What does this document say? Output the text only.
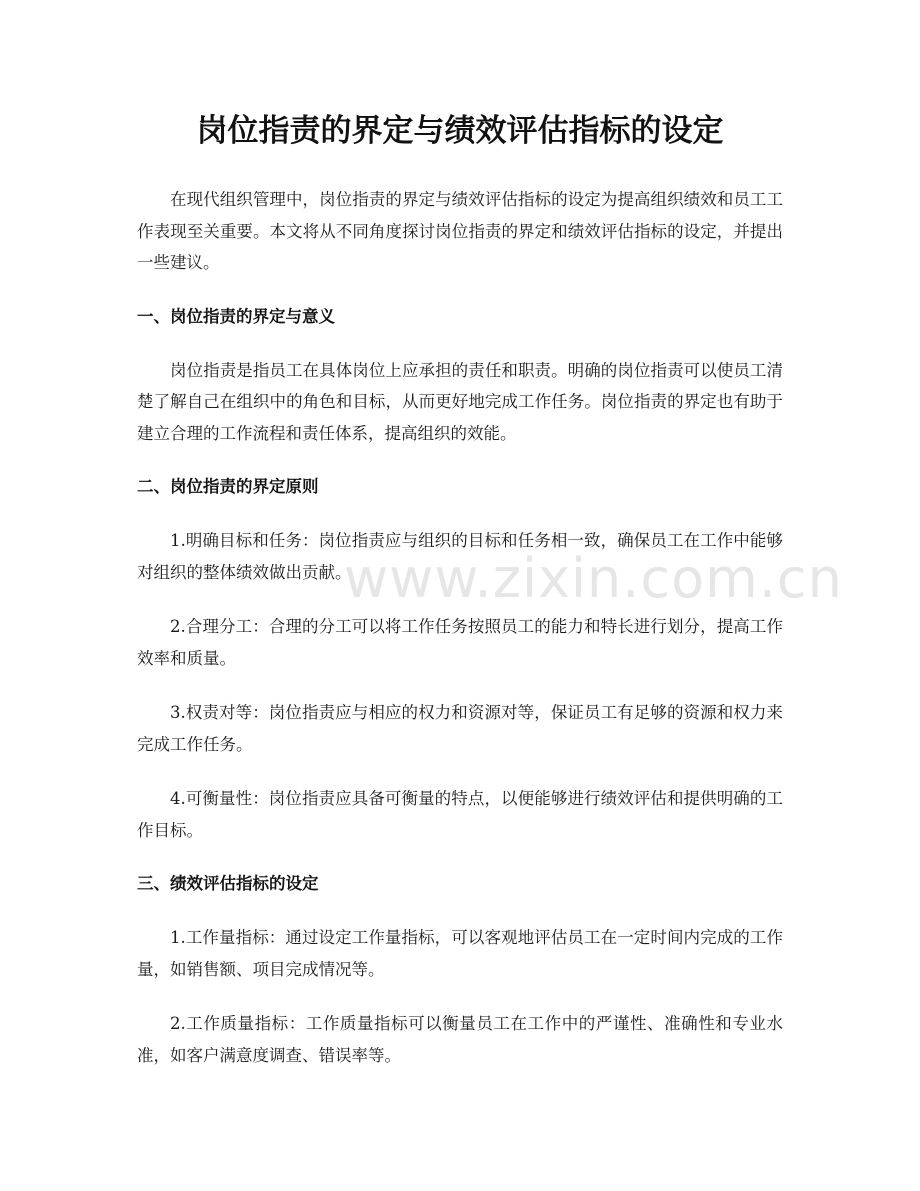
岗位指责的界定与绩效评估指标的设定

在现代组织管理中，岗位指责的界定与绩效评估指标的设定为提高组织绩效和员工工作表现至关重要。本文将从不同角度探讨岗位指责的界定和绩效评估指标的设定，并提出一些建议。

一、岗位指责的界定与意义

岗位指责是指员工在具体岗位上应承担的责任和职责。明确的岗位指责可以使员工清楚了解自己在组织中的角色和目标，从而更好地完成工作任务。岗位指责的界定也有助于建立合理的工作流程和责任体系，提高组织的效能。

二、岗位指责的界定原则

1.明确目标和任务：岗位指责应与组织的目标和任务相一致，确保员工在工作中能够对组织的整体绩效做出贡献。

2.合理分工：合理的分工可以将工作任务按照员工的能力和特长进行划分，提高工作效率和质量。

3.权责对等：岗位指责应与相应的权力和资源对等，保证员工有足够的资源和权力来完成工作任务。

4.可衡量性：岗位指责应具备可衡量的特点，以便能够进行绩效评估和提供明确的工作目标。

三、绩效评估指标的设定

1.工作量指标：通过设定工作量指标，可以客观地评估员工在一定时间内完成的工作量，如销售额、项目完成情况等。

2.工作质量指标：工作质量指标可以衡量员工在工作中的严谨性、准确性和专业水准，如客户满意度调查、错误率等。

www.zixin.com.cn
